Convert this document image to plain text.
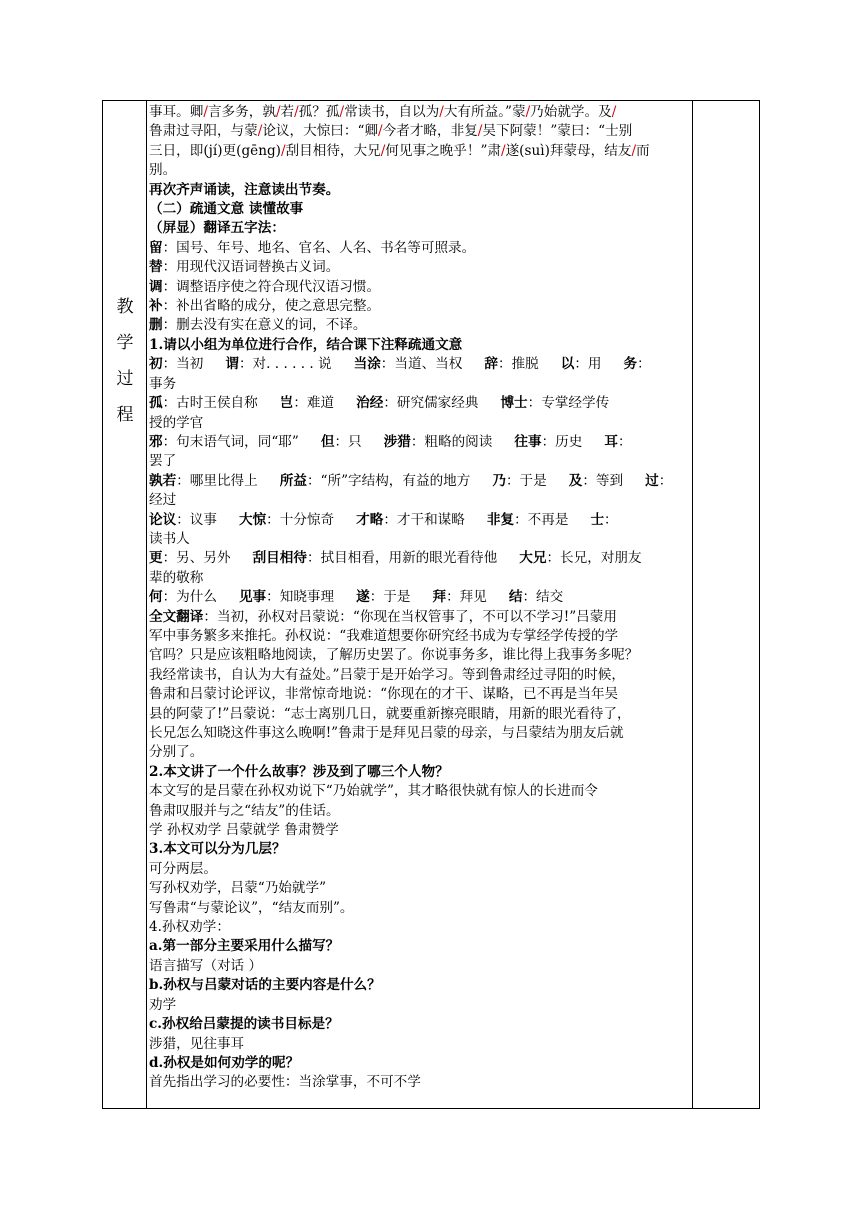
教
学
过
程

事耳。卿/言多务，孰/若/孤？孤/常读书，自以为/大有所益。”蒙/乃始就学。及/

鲁肃过寻阳，与蒙/论议，大惊曰：“卿/今者才略，非复/吴下阿蒙！”蒙曰：“士别

三日，即(jí)更(gēng)/刮目相待，大兄/何见事之晚乎！”肃/遂(suì)拜蒙母，结友/而

别。

再次齐声诵读，注意读出节奏。

（二）疏通文意 读懂故事

（屏显）翻译五字法：

留：国号、年号、地名、官名、人名、书名等可照录。

替：用现代汉语词替换古义词。

调：调整语序使之符合现代汉语习惯。

补：补出省略的成分，使之意思完整。

删：删去没有实在意义的词，不译。

1.请以小组为单位进行合作，结合课下注释疏通文意

初：当初 谓：对. . . . . . 说 当涂：当道、当权 辞：推脱 以：用 务：

事务

孤：古时王侯自称 岂：难道 治经：研究儒家经典 博士：专掌经学传

授的学官

邪：句末语气词，同“耶” 但：只 涉猎：粗略的阅读 往事：历史 耳：

罢了

孰若：哪里比得上 所益：“所”字结构，有益的地方 乃：于是 及：等到 过：

经过

论议：议事 大惊：十分惊奇 才略：才干和谋略 非复：不再是 士：

读书人

更：另、另外 刮目相待：拭目相看，用新的眼光看待他 大兄：长兄，对朋友

辈的敬称

何：为什么 见事：知晓事理 遂：于是 拜：拜见 结：结交

全文翻译：当初，孙权对吕蒙说：“你现在当权管事了，不可以不学习!”吕蒙用

军中事务繁多来推托。孙权说：“我难道想要你研究经书成为专掌经学传授的学

官吗？只是应该粗略地阅读，了解历史罢了。你说事务多，谁比得上我事务多呢？

我经常读书，自认为大有益处。”吕蒙于是开始学习。等到鲁肃经过寻阳的时候，

鲁肃和吕蒙讨论评议，非常惊奇地说：“你现在的才干、谋略，已不再是当年吴

县的阿蒙了!”吕蒙说：“志士离别几日，就要重新擦亮眼睛，用新的眼光看待了，

长兄怎么知晓这件事这么晚啊!”鲁肃于是拜见吕蒙的母亲，与吕蒙结为朋友后就

分别了。

2.本文讲了一个什么故事？涉及到了哪三个人物？

本文写的是吕蒙在孙权劝说下“乃始就学”，其才略很快就有惊人的长进而令

鲁肃叹服并与之“结友”的佳话。

学 孙权劝学 吕蒙就学 鲁肃赞学

3.本文可以分为几层？

可分两层。

写孙权劝学，吕蒙“乃始就学”

写鲁肃“与蒙论议”，“结友而别”。

4.孙权劝学：

a.第一部分主要采用什么描写？

语言描写（对话 ）

b.孙权与吕蒙对话的主要内容是什么？

劝学

c.孙权给吕蒙提的读书目标是？

涉猎，见往事耳

d.孙权是如何劝学的呢？

首先指出学习的必要性：当涂掌事，不可不学
